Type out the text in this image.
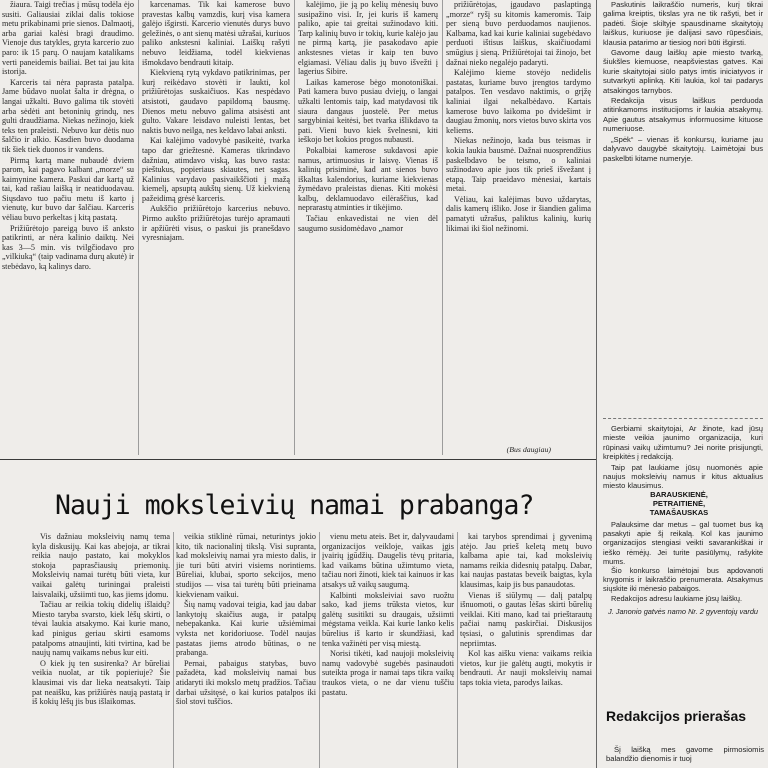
žiaura. Taigi trečias į mūsų todėla ėjo susiti. Galiausiai ziklai dalis tokiose metu prikabinami prie sienos. Dalmaotį, arba gariai kalėsi bragi draudimo. Vienoje dus tatykles, gryta karcerio zuo paro: ik 15 parų. O naujam katalikams verti paneidemis bailiai. Bet tai jau kita istorija.

Karceris tai nėra paprasta patalpa. Jame būdavo nuolat šalta ir drėgna, o langai užkalti. Buvo galima tik stovėti arba sėdėti ant betoninių grindų, nes gulti draudžiama. Niekas nežinojo, kiek teks ten praleisti. Nebuvo kur dėtis nuo šalčio ir alkio. Kasdien buvo duodama tik šiek tiek duonos ir vandens.

Pirmą kartą mane nubaudė dviem parom, kai pagavo kalbant „morze“ su kaimynine kamera. Paskui dar kartą už tai, kad rašiau laišką ir neatiduodavau. Siųsdavo tuo pačiu metu iš karto į vienutę, kur buvo dar šalčiau. Karceris vėliau buvo perkeltas į kitą pastatą.

Prižiūrėtojo pareigą buvo iš anksto patikrinti, ar nėra kalinio daiktų. Nei kas 3—5 min. vis tvilgčiodavo pro „vilkiuką“ (taip vadinama durų akutė) ir stebėdavo, ką kalinys daro.

karcenamas. Tik kai kamerose buvo pravestas kalbų vamzdis, kurį visa kamera galėjo išgirsti. Karcerio vienutės durys buvo geležinės, o ant sienų matėsi užrašai, kuriuos paliko ankstesni kaliniai. Laiškų rašyti nebuvo leidžiama, todėl kiekvienas išmokdavo bendrauti kitaip.

Kiekvieną rytą vykdavo patikrinimas, per kurį reikėdavo stovėti ir laukti, kol prižiūrėtojas suskaičiuos. Kas nespėdavo atsistoti, gaudavo papildomą bausmę. Dienos metu nebuvo galima atsisėsti ant gulto. Vakare leisdavo nuleisti lentas, bet naktis buvo neilga, nes keldavo labai anksti.

Kai kalėjimo vadovybė pasikeitė, tvarka tapo dar griežtesnė. Kameras tikrindavo dažniau, atimdavo viską, kas buvo rasta: pieštukus, popieriaus skiautes, net sagas. Kalinius varydavo pasivaikščioti į mažą kiemelį, apsuptą aukštų sienų. Už kiekvieną pažeidimą grėsė karceris.

Aukščio prižiūrėtojo karcerius nebuvo. Pirmo aukšto prižiūrėtojas turėjo apramauti ir apžiūrėti visus, o paskui jis pranešdavo vyresniajam.

kalėjimo, jie ją po kelių mėnesių buvo susipažino visi. Ir, jei kuris iš kamerų paliko, apie tai greitai sužinodavo kiti. Tarp kalinių buvo ir tokių, kurie kalėjo jau ne pirmą kartą, jie pasakodavo apie ankstesnes vietas ir kaip ten buvo elgiamasi. Vėliau dalis jų buvo išvežti į lagerius Sibire.

Laikas kamerose bėgo monotoniškai. Pati kamera buvo pusiau dviejų, o langai užkalti lentomis taip, kad matydavosi tik siaura dangaus juostelė. Per metus sargybiniai keitėsi, bet tvarka išlikdavo ta pati. Vieni buvo kiek švelnesni, kiti ieškojo bet kokios progos nubausti.

Pokalbiai kamerose sukdavosi apie namus, artimuosius ir laisvę. Vienas iš kalinių prisiminė, kad ant sienos buvo iškaltas kalendorius, kuriame kiekvienas žymėdavo praleistas dienas. Kiti mokėsi kalbų, deklamuodavo eilėraščius, kad neprarastų atminties ir tikėjimo.

Tačiau enkavedistai ne vien dėl saugumo susidomėdavo „namor

prižiūrėtojas, įgaudavo paslaptingą „morze“ ryšį su kitomis kameromis. Taip per sieną buvo perduodamos naujienos. Kalbama, kad kai kurie kaliniai sugebėdavo perduoti ištisus laiškus, skaičiuodami smūgius į sieną. Prižiūrėtojai tai žinojo, bet dažnai nieko negalėjo padaryti.

Kalėjimo kieme stovėjo nedidelis pastatas, kuriame buvo įrengtos tardymo patalpos. Ten vesdavo naktimis, o grįžę kaliniai ilgai nekalbėdavo. Kartais kamerose buvo laikoma po dvidešimt ir daugiau žmonių, nors vietos buvo skirta vos keliems.

Niekas nežinojo, kada bus teismas ir kokia laukia bausmė. Dažnai nuosprendžius paskelbdavo be teismo, o kaliniai sužinodavo apie juos tik prieš išvežant į etapą. Taip praeidavo mėnesiai, kartais metai.

Vėliau, kai kalėjimas buvo uždarytas, dalis kamerų išliko. Jose ir šiandien galima pamatyti užrašus, paliktus kalinių, kurių likimai iki šiol nežinomi.

(Bus daugiau)

Paskutinis laikraščio numeris, kurį tikrai galima kreiptis, tikslas yra ne tik rašyti, bet ir padėti. Šioje skiltyje spausdiname skaitytojų laiškus, kuriuose jie dalijasi savo rūpesčiais, klausia patarimo ar tiesiog nori būti išgirsti.

Gavome daug laiškų apie miesto tvarką, šiukšles kiemuose, neapšviestas gatves. Kai kurie skaitytojai siūlo patys imtis iniciatyvos ir sutvarkyti aplinką. Kiti laukia, kol tai padarys atsakingos tarnybos.

Redakcija visus laiškus perduoda atitinkamoms institucijoms ir laukia atsakymų. Apie gautus atsakymus informuosime kituose numeriuose.

„Spėk“ – vienas iš konkursų, kuriame jau dalyvavo daugybė skaitytojų. Laimėtojai bus paskelbti kitame numeryje.

Gerbiami skaitytojai, Ar žinote, kad jūsų mieste veikia jaunimo organizacija, kuri rūpinasi vaikų užimtumu? Jei norite prisijungti, kreipkitės į redakciją.

Taip pat laukiame jūsų nuomonės apie naujus moksleivių namus ir kitus aktualius miesto klausimus.

BARAUSKIENĖ,
PETRAITIENĖ,
TAMAŠAUSKAS
Nauji moksleivių namai prabanga?

Vis dažniau moksleivių namų tema kyla diskusijų. Kai kas abejoja, ar tikrai reikia naujo pastato, kai mokyklos stokoja paprasčiausių priemonių. Moksleivių namai turėtų būti vieta, kur vaikai galėtų turiningai praleisti laisvalaikį, užsiimti tuo, kas jiems įdomu.

Tačiau ar reikia tokių didelių išlaidų? Miesto taryba svarsto, kiek lėšų skirti, o tėvai laukia atsakymo. Kai kurie mano, kad pinigus geriau skirti esamoms patalpoms atnaujinti, kiti tvirtina, kad be naujų namų vaikams nebus kur eiti.

O kiek jų ten susirenka? Ar būreliai veikia nuolat, ar tik popieriuje? Šie klausimai vis dar lieka neatsakyti. Taip pat neaišku, kas prižiūrės naują pastatą ir iš kokių lėšų jis bus išlaikomas.

veikia stiklinė rūmai, neturintys jokio kito, tik nacionalinį tikslą. Visi supranta, kad moksleivių namai yra miesto dalis, ir jie turi būti atviri visiems norintiems. Būreliai, klubai, sporto sekcijos, meno studijos — visa tai turėtų būti prieinama kiekvienam vaikui.

Šių namų vadovai teigia, kad jau dabar lankytojų skaičius auga, ir patalpų nebepakanka. Kai kurie užsiėmimai vyksta net koridoriuose. Todėl naujas pastatas jiems atrodo būtinas, o ne prabanga.

Pernai, pabaigus statybas, buvo pažadėta, kad moksleivių namai bus atidaryti iki mokslo metų pradžios. Tačiau darbai užsitęsė, o kai kurios patalpos iki šiol stovi tuščios.

vienu metu ateis. Bet ir, dalyvaudami organizacijos veikloje, vaikas įgis įvairių įgūdžių. Daugelis tėvų pritaria, kad vaikams būtina užimtumo vieta, tačiau nori žinoti, kiek tai kainuos ir kas atsakys už vaikų saugumą.

Kalbinti moksleiviai savo ruožtu sako, kad jiems trūksta vietos, kur galėtų susitikti su draugais, užsiimti mėgstama veikla. Kai kurie lanko kelis būrelius iš karto ir skundžiasi, kad tenka važinėti per visą miestą.

Norisi tikėti, kad naujoji moksleivių namų vadovybė sugebės pasinaudoti suteikta proga ir namai taps tikra vaikų traukos vieta, o ne dar vienu tuščiu pastatu.

kai tarybos sprendimai į gyvenimą atėjo. Jau prieš keletą metų buvo kalbama apie tai, kad moksleivių namams reikia didesnių patalpų. Dabar, kai naujas pastatas beveik baigtas, kyla klausimas, kaip jis bus panaudotas.

Vienas iš siūlymų — dalį patalpų išnuomoti, o gautas lėšas skirti būrelių veiklai. Kiti mano, kad tai prieštarautų pačiai namų paskirčiai. Diskusijos tęsiasi, o galutinis sprendimas dar nepriimtas.

Kol kas aišku viena: vaikams reikia vietos, kur jie galėtų augti, mokytis ir bendrauti. Ar nauji moksleivių namai taps tokia vieta, parodys laikas.

Palauksime dar metus – gal tuomet bus ką pasakyti apie šį reikalą. Kol kas jaunimo organizacijos stengiasi veikti savarankiškai ir ieško rėmėjų. Jei turite pasiūlymų, rašykite mums.

Šio konkurso laimėtojai bus apdovanoti knygomis ir laikraščio prenumerata. Atsakymus siųskite iki mėnesio pabaigos.

Redakcijos adresu laukiame jūsų laiškų.

J. Janonio gatvės namo Nr. 2 gyventojų vardu

Redakcijos prierašas

Šį laišką mes gavome pirmosiomis balandžio dienomis ir tuoj
